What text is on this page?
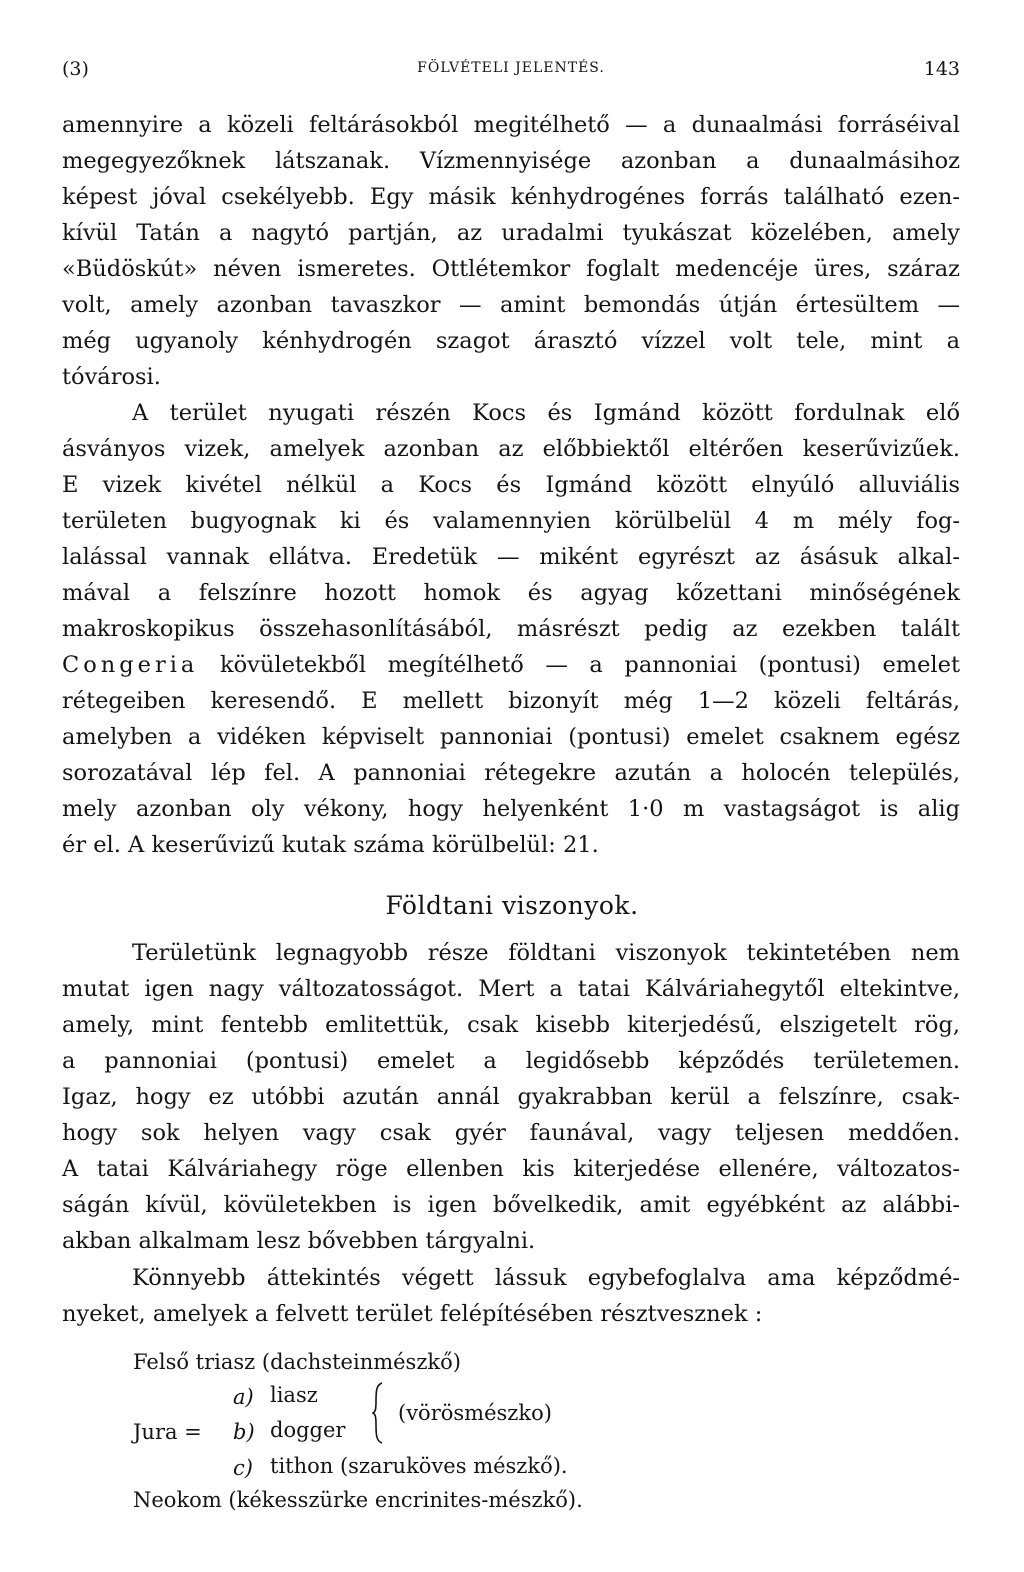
(3)	FÖLVÉTELI JELENTÉS.	143
amennyire a közeli feltárásokból megitélhető — a dunaalmási forráséival
megegyezőknek látszanak. Vízmennyisége azonban a dunaalmásihoz
képest jóval csekélyebb. Egy másik kénhydrogénes forrás található ezen-
kívül Tatán a nagytó partján, az uradalmi tyukászat közelében, amely
«Büdöskút» néven ismeretes. Ottlétemkor foglalt medencéje üres, száraz
volt, amely azonban tavaszkor — amint bemondás útján értesültem —
még ugyanoly kénhydrogén szagot árasztó vízzel volt tele, mint a
tóvárosi.
A terület nyugati részén Kocs és Igmánd között fordulnak elő
ásványos vizek, amelyek azonban az előbbiektől eltérően keserűvizűek.
E vizek kivétel nélkül a Kocs és Igmánd között elnyúló alluviális
területen bugyognak ki és valamennyien körülbelül 4 m mély fog-
lalással vannak ellátva. Eredetük — miként egyrészt az ásásuk alkal-
mával a felszínre hozott homok és agyag kőzettani minőségének
makroskopikus összehasonlításából, másrészt pedig az ezekben talált
Congeria kövületekből megítélhető — a pannoniai (pontusi) emelet
rétegeiben keresendő. E mellett bizonyít még 1—2 közeli feltárás,
amelyben a vidéken képviselt pannoniai (pontusi) emelet csaknem egész
sorozatával lép fel. A pannoniai rétegekre azután a holocén település,
mely azonban oly vékony, hogy helyenként 1·0 m vastagságot is alig
ér el. A keserűvizű kutak száma körülbelül: 21.
Földtani viszonyok.
Területünk legnagyobb része földtani viszonyok tekintetében nem
mutat igen nagy változatosságot. Mert a tatai Kálváriahegytől eltekintve,
amely, mint fentebb emlitettük, csak kisebb kiterjedésű, elszigetelt rög,
a pannoniai (pontusi) emelet a legidősebb képződés területemen.
Igaz, hogy ez utóbbi azután annál gyakrabban kerül a felszínre, csak-
hogy sok helyen vagy csak gyér faunával, vagy teljesen meddően.
A tatai Kálváriahegy röge ellenben kis kiterjedése ellenére, változatos-
ságán kívül, kövületekben is igen bővelkedik, amit egyébként az alábbi-
akban alkalmam lesz bővebben tárgyalni.
Könnyebb áttekintés végett lássuk egybefoglalva ama képződmé-
nyeket, amelyek a felvett terület felépítésében résztvesznek :
Felső triasz (dachsteinmészkő)
a) liasz
Jura = b) dogger
(vörösmészko)
c) tithon (szaruköves mészkő).
Neokom (kékesszürke encrinites-mészkő).
